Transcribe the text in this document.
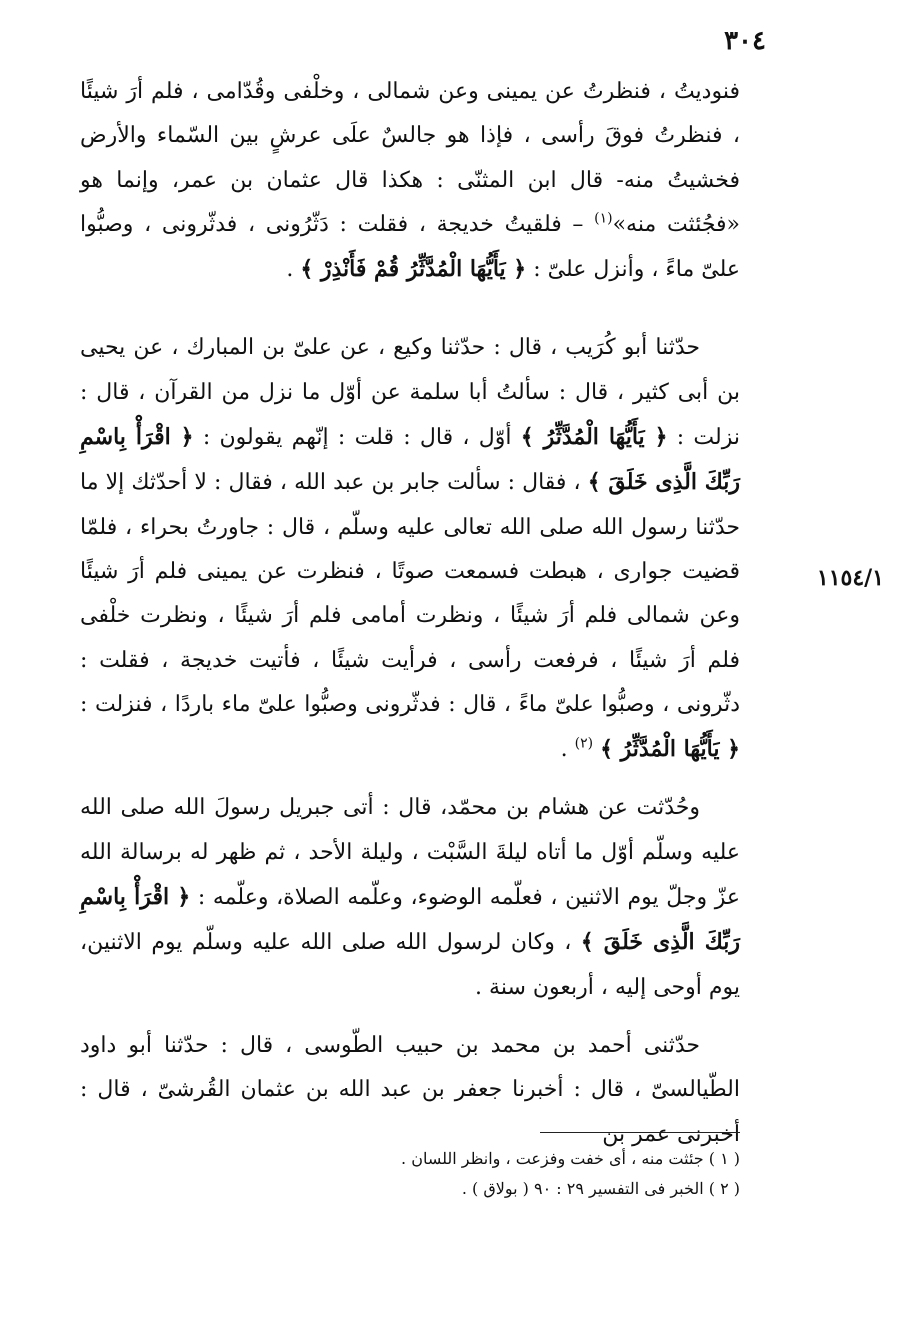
٣٠٤
١١٥٤/١

فنوديتُ ، فنظرتُ عن يمينى وعن شمالى ، وخلْفى وقُدّامى ، فلم أرَ شيئًا ، فنظرتُ فوقَ رأسى ، فإذا هو جالسٌ علَى عرشٍ بين السّماء والأرض فخشيتُ منه- قال ابن المثنّى : هكذا قال عثمان بن عمر، وإنما هو «فجُئثت منه»$^{(١)}$ – فلقيتُ خديجة ، فقلت : دَثّرُونى ، فدثّرونى ، وصبُّوا علىّ ماءً ، وأنزل علىّ : ﴿ يَأَيُّهَا الْمُدَّثِّرُ قُمْ فَأَنْذِرْ ﴾ .

حدّثنا أبو كُرَيب ، قال : حدّثنا وكيع ، عن علىّ بن المبارك ، عن يحيى بن أبى كثير ، قال : سألتُ أبا سلمة عن أوّل ما نزل من القرآن ، قال : نزلت : ﴿ يَأَيُّهَا الْمُدَّثِّرُ ﴾ أوّل ، قال : قلت : إنّهم يقولون : ﴿ اقْرَأْ بِاسْمِ رَبِّكَ الَّذِى خَلَقَ ﴾ ، فقال : سألت جابر بن عبد الله ، فقال : لا أحدّثك إلا ما حدّثنا رسول الله صلى الله تعالى عليه وسلّم ، قال : جاورتُ بحراء ، فلمّا قضيت جوارى ، هبطت فسمعت صوتًا ، فنظرت عن يمينى فلم أرَ شيئًا وعن شمالى فلم أرَ شيئًا ، ونظرت أمامى فلم أرَ شيئًا ، ونظرت خلْفى فلم أرَ شيئًا ، فرفعت رأسى ، فرأيت شيئًا ، فأتيت خديجة ، فقلت : دثّرونى ، وصبُّوا علىّ ماءً ، قال : فدثّرونى وصبُّوا علىّ ماء باردًا ، فنزلت : ﴿ يَأَيُّهَا الْمُدَّثِّرُ ﴾ $^{(٢)}$ .

وحُدّثت عن هشام بن محمّد، قال : أتى جبريل رسولَ الله صلى الله عليه وسلّم أوّل ما أتاه ليلةَ السَّبْت ، وليلة الأحد ، ثم ظهر له برسالة الله عزّ وجلّ يوم الاثنين ، فعلّمه الوضوء، وعلّمه الصلاة، وعلّمه : ﴿ اقْرَأْ بِاسْمِ رَبِّكَ الَّذِى خَلَقَ ﴾ ، وكان لرسول الله صلى الله عليه وسلّم يوم الاثنين، يوم أوحى إليه ، أربعون سنة .

حدّثنى أحمد بن محمد بن حبيب الطّوسى ، قال : حدّثنا أبو داود الطّيالسىّ ، قال : أخبرنا جعفر بن عبد الله بن عثمان القُرشىّ ، قال : أخبرنى عمر بن

( ١ ) جئثت منه ، أى خفت وفزعت ، وانظر اللسان .

( ٢ ) الخبر فى التفسير ٢٩ : ٩٠ ( بولاق ) .
